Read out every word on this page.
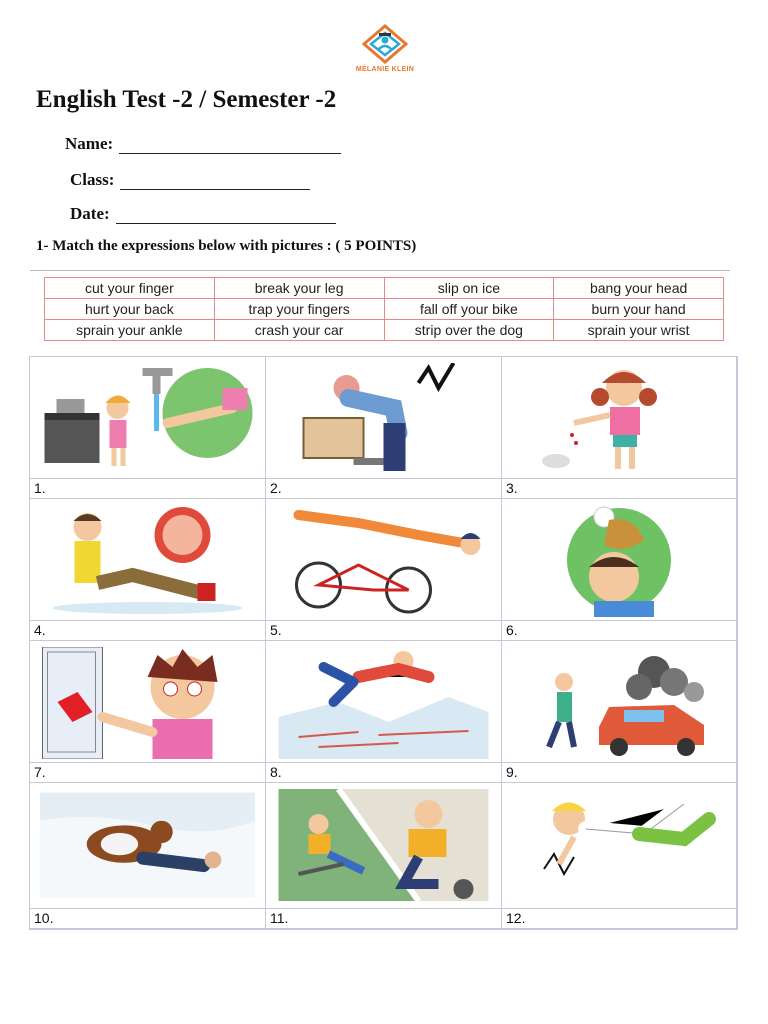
MÉLANIE KLEIN
English Test -2 / Semester -2
Name:
Class:
Date:
1- Match the expressions below with pictures : ( 5 POINTS)
cut your finger	break your leg	slip on ice	bang your head
hurt your back	trap your fingers	fall off your bike	burn your hand
sprain your ankle	crash your car	strip over the dog	sprain your wrist
1.	2.	3.
4.	5.	6.
7.	8.	9.
10.	11.	12.
